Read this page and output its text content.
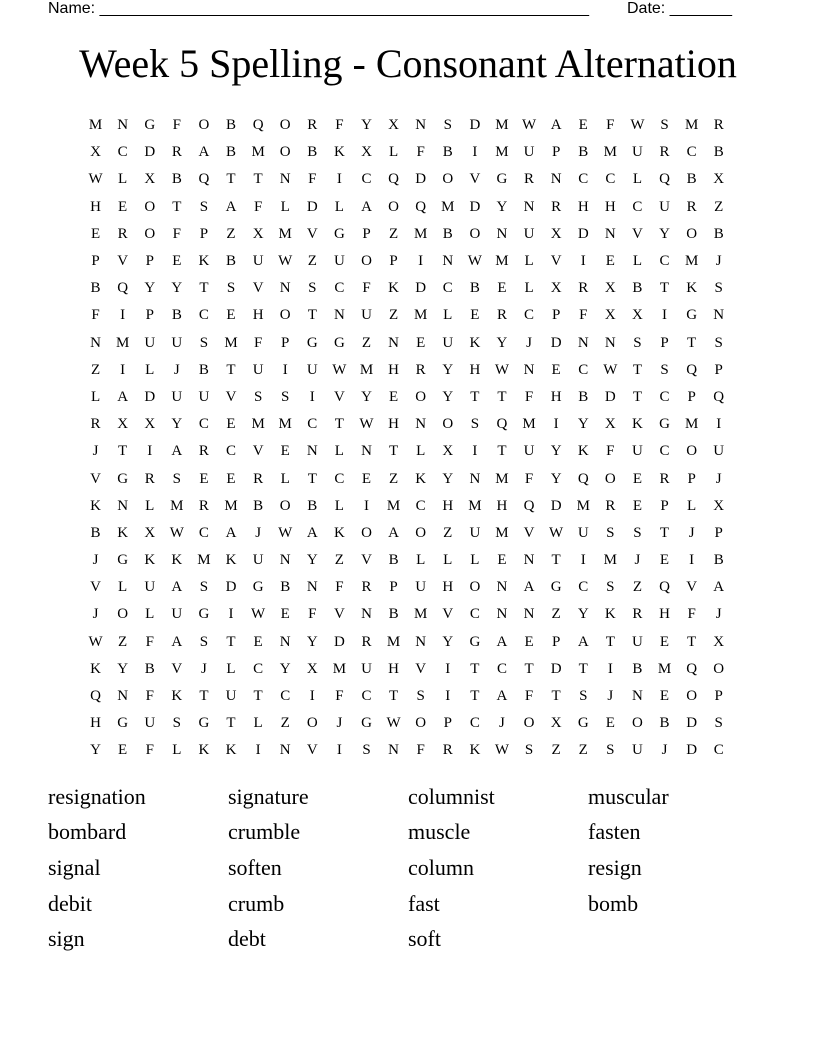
Name: _______________________________________________________ Date: _______
Week 5 Spelling - Consonant Alternation
M	N	G	F	O	B	Q	O	R	F	Y	X	N	S	D	M W A	E	F	W	S	M	R
X	C	D	R	A	B	M	O	B	K	X	L	F	B	I	M	U	P	B	M	U	R	C	B
W	L	X	B	Q	T	T	N	F	I	C	Q	D	O	V	G	R	N	C	C	L	Q	B	X
H	E	O	T	S	A	F	L	D	L	A	O	Q	M	D	Y	N	R	H	H	C	U	R	Z
E	R	O	F	P	Z	X	M	V	G	P	Z	M	B	O	N	U	X	D	N	V	Y	O	B
P	V	P	E	K	B	U W	Z	U	O	P	I	N W M	L	V	I	E	L	C	M	J
B	Q	Y	Y	T	S	V	N	S	C	F	K	D	C	B	E	L	X	R	X	B	T	K	S
F	I	P	B	C	E	H	O	T	N	U	Z	M	L	E	R	C	P	F	X	X	I	G	N
N	M	U	U	S	M	F	P	G	G	Z	N	E	U	K	Y	J	D	N	N	S	P	T	S
Z	I	L	J	B	T	U	I	U W M	H	R	Y	H W N	E	C	W	T	S	Q	P
L	A	D	U	U	V	S	S	I	V	Y	E	O	Y	T	T	F	H	B	D	T	C	P	Q
R	X	X	Y	C	E	M M	C	T	W H	N	O	S	Q	M	I	Y	X	K	G	M	I
J	T	I	A	R	C	V	E	N	L	N	T	L	X	I	T	U	Y	K	F	U	C	O	U
V	G	R	S	E	E	R	L	T	C	E	Z	K	Y	N	M	F	Y	Q	O	E	R	P	J
K	N	L	M	R	M	B	O	B	L	I	M	C	H	M	H	Q	D	M	R	E	P	L	X
B	K	X W	C	A	J	W A	K	O	A	O	Z	U	M	V W U	S	S	T	J	P
J	G	K	K	M	K	U	N	Y	Z	V	B	L	L	L	E	N	T	I	M	J	E	I	B
V	L	U	A	S	D	G	B	N	F	R	P	U	H	O	N	A	G	C	S	Z	Q	V	A
J	O	L	U	G	I	W	E	F	V	N	B	M	V	C	N	N	Z	Y	K	R	H	F	J
W	Z	F	A	S	T	E	N	Y	D	R	M	N	Y	G	A	E	P	A	T	U	E	T	X
K	Y	B	V	J	L	C	Y	X	M	U	H	V	I	T	C	T	D	T	I	B	M	Q	O
Q	N	F	K	T	U	T	C	I	F	C	T	S	I	T	A	F	T	S	J	N	E	O	P
H	G	U	S	G	T	L	Z	O	J	G W O	P	C	J	O	X	G	E	O	B	D	S
Y	E	F	L	K	K	I	N	V	I	S	N	F	R	K W	S	Z	Z	S	U	J	D	C
resignation
bombard
signal
debit
sign
signature
crumble
soften
crumb
debt
columnist
muscle
column
fast
soft
muscular
fasten
resign
bomb
